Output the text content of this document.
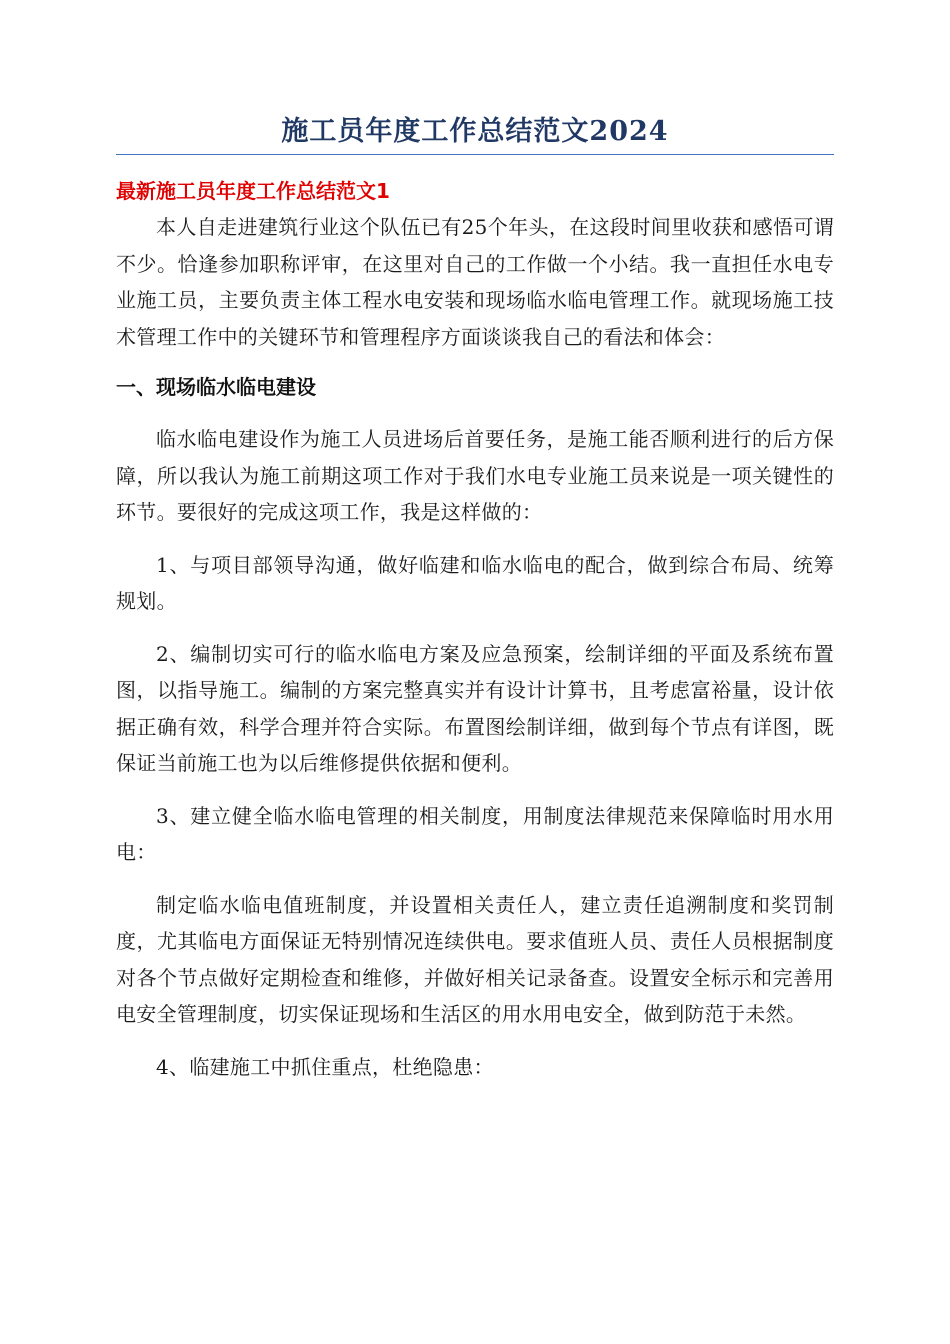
施工员年度工作总结范文2024
最新施工员年度工作总结范文1

本人自走进建筑行业这个队伍已有25个年头，在这段时间里收获和感悟可谓不少。恰逢参加职称评审，在这里对自己的工作做一个小结。我一直担任水电专业施工员，主要负责主体工程水电安装和现场临水临电管理工作。就现场施工技术管理工作中的关键环节和管理程序方面谈谈我自己的看法和体会：

一、现场临水临电建设

临水临电建设作为施工人员进场后首要任务，是施工能否顺利进行的后方保障，所以我认为施工前期这项工作对于我们水电专业施工员来说是一项关键性的环节。要很好的完成这项工作，我是这样做的：

1、与项目部领导沟通，做好临建和临水临电的配合，做到综合布局、统筹规划。

2、编制切实可行的临水临电方案及应急预案，绘制详细的平面及系统布置图，以指导施工。编制的方案完整真实并有设计计算书，且考虑富裕量，设计依据正确有效，科学合理并符合实际。布置图绘制详细，做到每个节点有详图，既保证当前施工也为以后维修提供依据和便利。

3、建立健全临水临电管理的相关制度，用制度法律规范来保障临时用水用电：

制定临水临电值班制度，并设置相关责任人，建立责任追溯制度和奖罚制度，尤其临电方面保证无特别情况连续供电。要求值班人员、责任人员根据制度对各个节点做好定期检查和维修，并做好相关记录备查。设置安全标示和完善用电安全管理制度，切实保证现场和生活区的用水用电安全，做到防范于未然。

4、临建施工中抓住重点，杜绝隐患：
